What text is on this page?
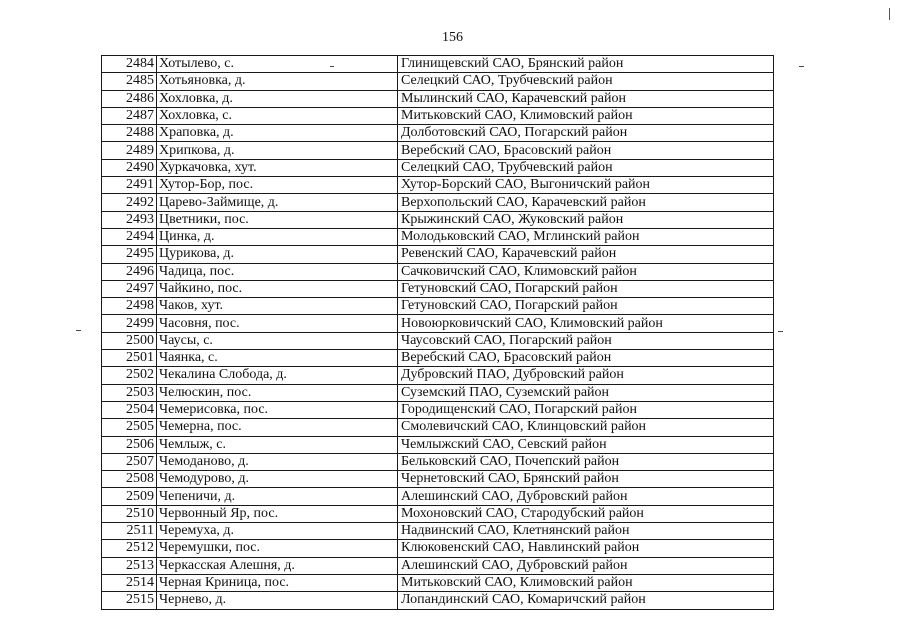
156
2484	Хотылево, с.	Глинищевский САО, Брянский район
2485	Хотьяновка, д.	Селецкий САО, Трубчевский район
2486	Хохловка, д.	Мылинский САО, Карачевский район
2487	Хохловка, с.	Митьковский САО, Климовский район
2488	Храповка, д.	Долботовский САО, Погарский район
2489	Хрипкова, д.	Веребский САО, Брасовский район
2490	Хуркачовка, хут.	Селецкий САО, Трубчевский район
2491	Хутор-Бор, пос.	Хутор-Борский САО, Выгоничский район
2492	Царево-Займище, д.	Верхопольский САО, Карачевский район
2493	Цветники, пос.	Крыжинский САО, Жуковский район
2494	Цинка, д.	Молодьковский САО, Мглинский район
2495	Цурикова, д.	Ревенский САО, Карачевский район
2496	Чадица, пос.	Сачковичский САО, Климовский район
2497	Чайкино, пос.	Гетуновский САО, Погарский район
2498	Чаков, хут.	Гетуновский САО, Погарский район
2499	Часовня, пос.	Новоюрковичский САО, Климовский район
2500	Чаусы, с.	Чаусовский САО, Погарский район
2501	Чаянка, с.	Веребский САО, Брасовский район
2502	Чекалина Слобода, д.	Дубровский ПАО, Дубровский район
2503	Челюскин, пос.	Суземский ПАО, Суземский район
2504	Чемерисовка, пос.	Городищенский САО, Погарский район
2505	Чемерна, пос.	Смолевичский САО, Клинцовский район
2506	Чемлыж, с.	Чемлыжский САО, Севский район
2507	Чемоданово, д.	Бельковский САО, Почепский район
2508	Чемодурово, д.	Чернетовский САО, Брянский район
2509	Чепеничи, д.	Алешинский САО, Дубровский район
2510	Червонный Яр, пос.	Мохоновский САО, Стародубский район
2511	Черемуха, д.	Надвинский САО, Клетнянский район
2512	Черемушки, пос.	Клюковенский САО, Навлинский район
2513	Черкасская Алешня, д.	Алешинский САО, Дубровский район
2514	Черная Криница, пос.	Митьковский САО, Климовский район
2515	Чернево, д.	Лопандинский САО, Комаричский район
